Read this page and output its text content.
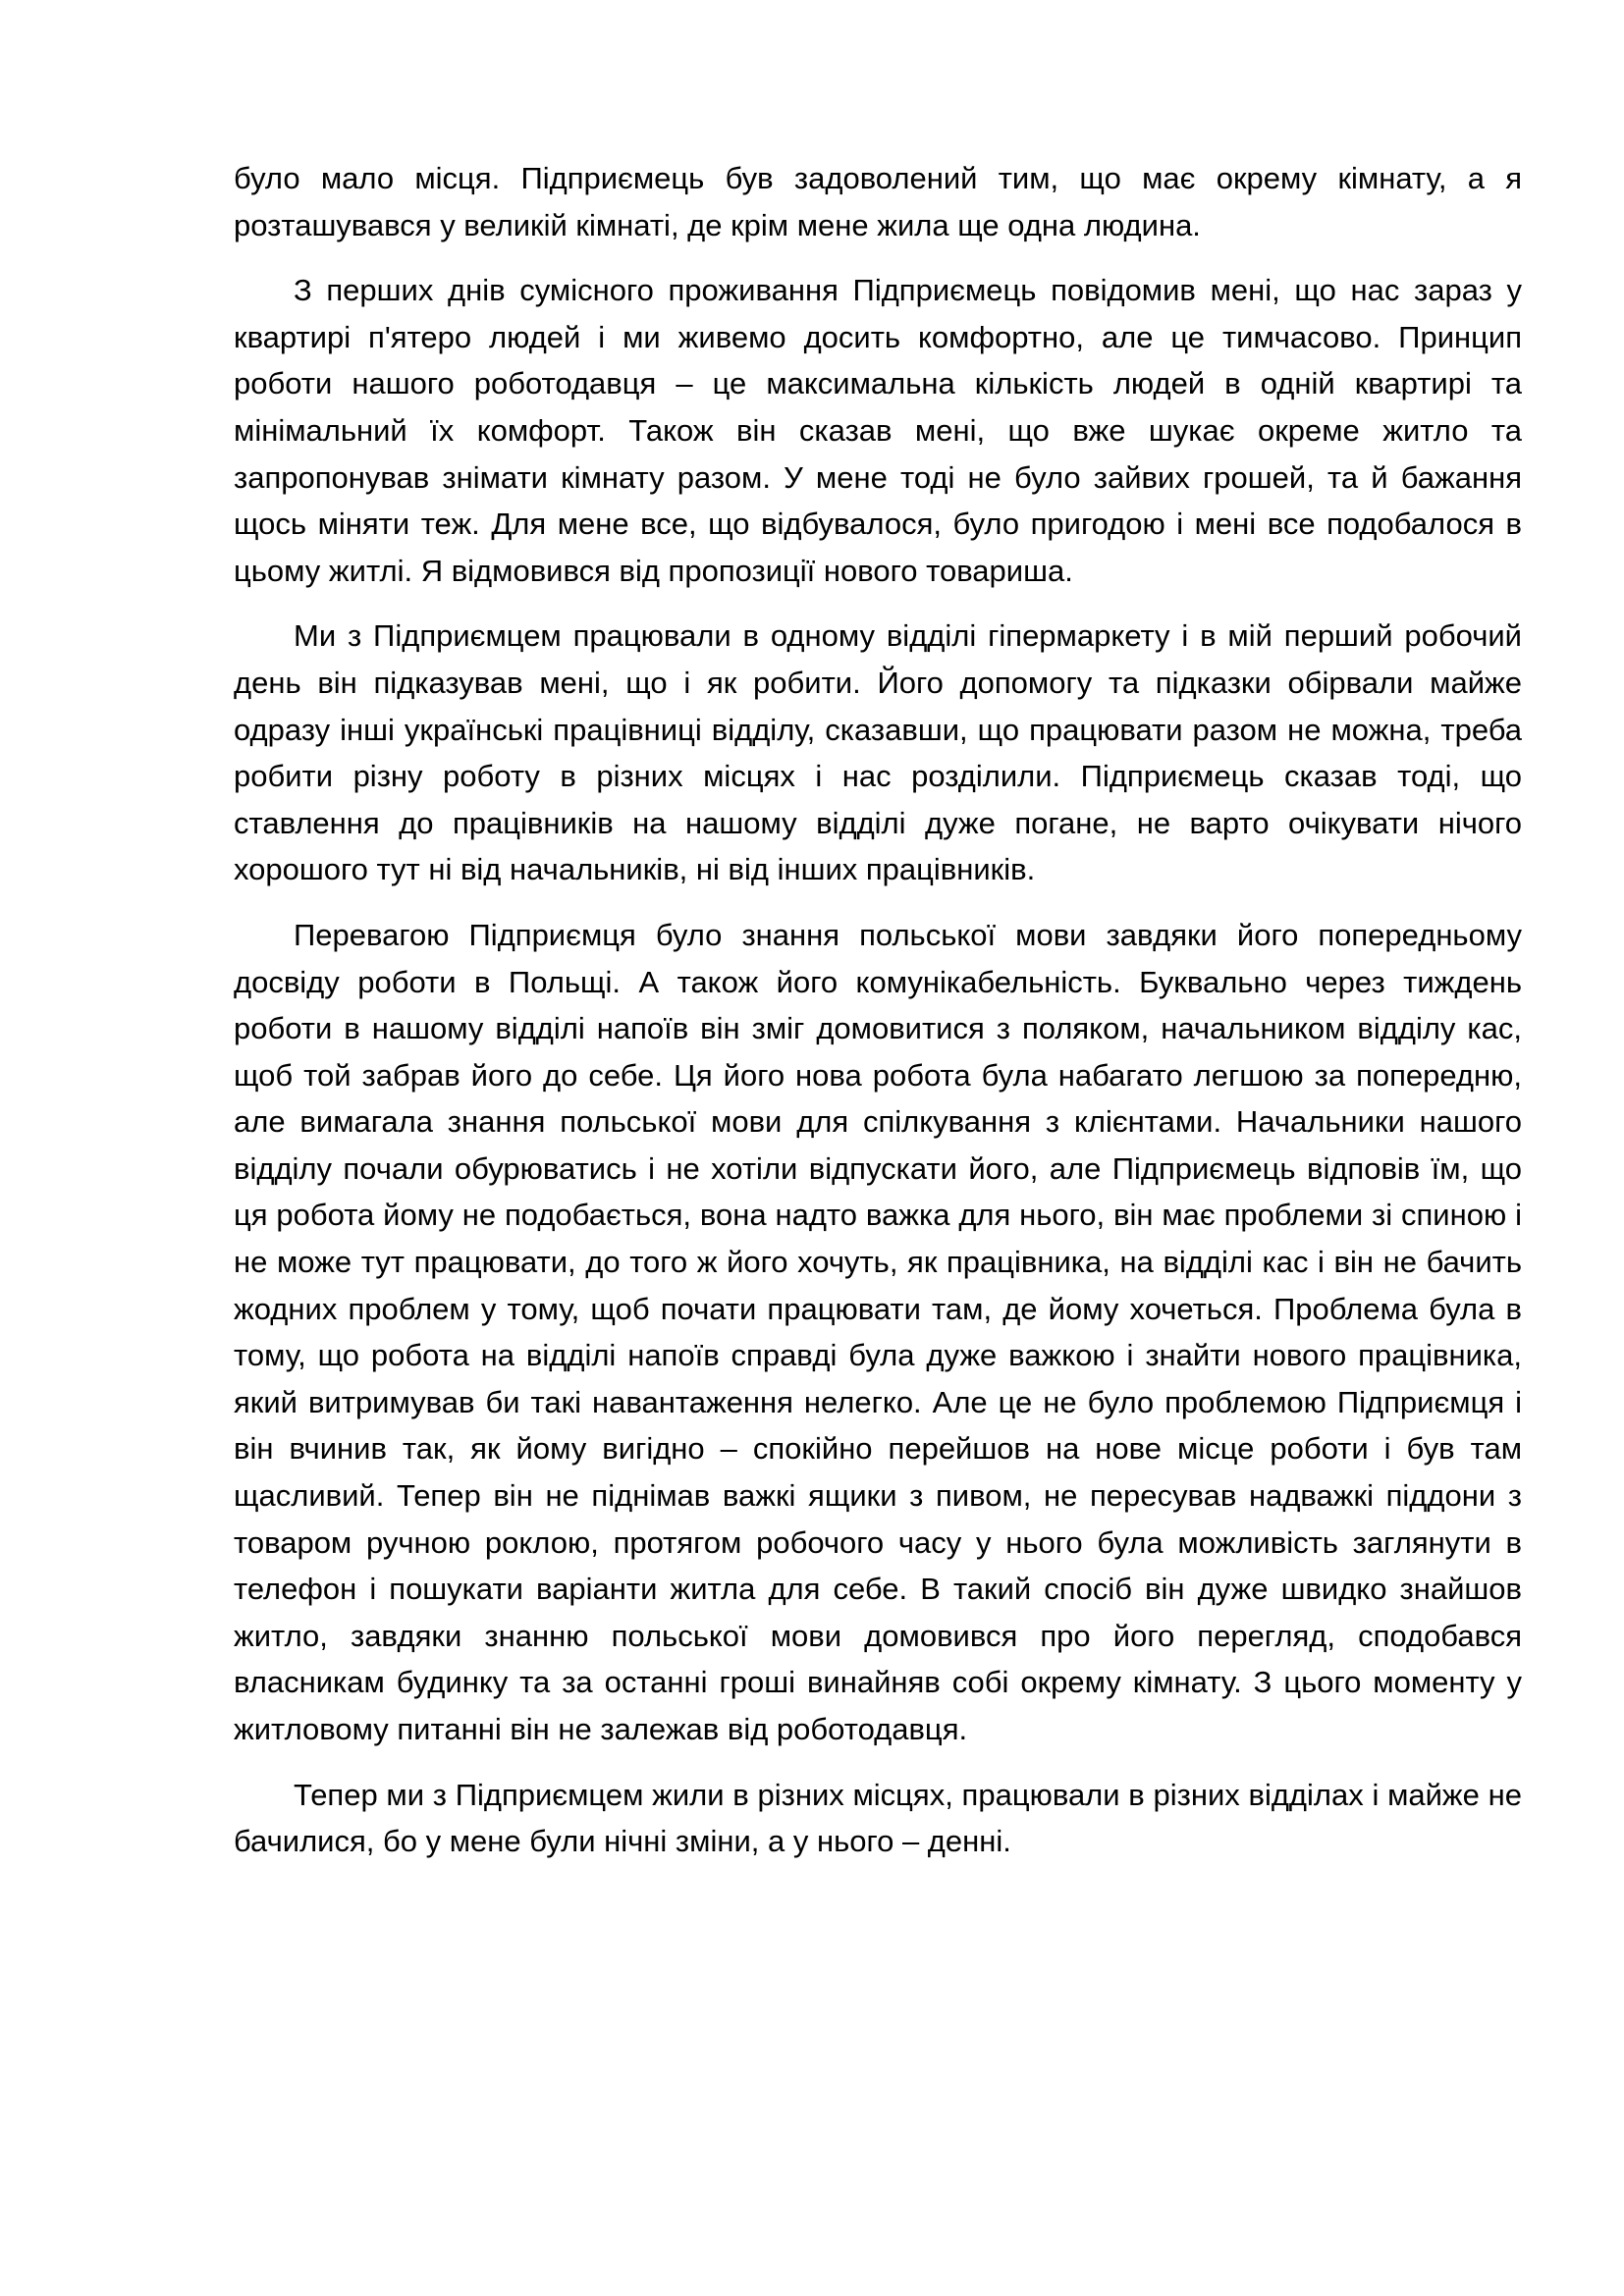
було мало місця. Підприємець був задоволений тим, що має окрему кімнату, а я розташувався у великій кімнаті, де крім мене жила ще одна людина.

З перших днів сумісного проживання Підприємець повідомив мені, що нас зараз у квартирі п'ятеро людей і ми живемо досить комфортно, але це тимчасово. Принцип роботи нашого роботодавця – це максимальна кількість людей в одній квартирі та мінімальний їх комфорт. Також він сказав мені, що вже шукає окреме житло та запропонував знімати кімнату разом. У мене тоді не було зайвих грошей, та й бажання щось міняти теж. Для мене все, що відбувалося, було пригодою і мені все подобалося в цьому житлі. Я відмовився від пропозиції нового товариша.

Ми з Підприємцем працювали в одному відділі гіпермаркету і в мій перший робочий день він підказував мені, що і як робити. Його допомогу та підказки обірвали майже одразу інші українські працівниці відділу, сказавши, що працювати разом не можна, треба робити різну роботу в різних місцях і нас розділили. Підприємець сказав тоді, що ставлення до працівників на нашому відділі дуже погане, не варто очікувати нічого хорошого тут ні від начальників, ні від інших працівників.

Перевагою Підприємця було знання польської мови завдяки його попередньому досвіду роботи в Польщі. А також його комунікабельність. Буквально через тиждень роботи в нашому відділі напоїв він зміг домовитися з поляком, начальником відділу кас, щоб той забрав його до себе. Ця його нова робота була набагато легшою за попередню, але вимагала знання польської мови для спілкування з клієнтами. Начальники нашого відділу почали обурюватись і не хотіли відпускати його, але Підприємець відповів їм, що ця робота йому не подобається, вона надто важка для нього, він має проблеми зі спиною і не може тут працювати, до того ж його хочуть, як працівника, на відділі кас і він не бачить жодних проблем у тому, щоб почати працювати там, де йому хочеться. Проблема була в тому, що робота на відділі напоїв справді була дуже важкою і знайти нового працівника, який витримував би такі навантаження нелегко. Але це не було проблемою Підприємця і він вчинив так, як йому вигідно – спокійно перейшов на нове місце роботи і був там щасливий. Тепер він не піднімав важкі ящики з пивом, не пересував надважкі піддони з товаром ручною роклою, протягом робочого часу у нього була можливість заглянути в телефон і пошукати варіанти житла для себе. В такий спосіб він дуже швидко знайшов житло, завдяки знанню польської мови домовився про його перегляд, сподобався власникам будинку та за останні гроші винайняв собі окрему кімнату. З цього моменту у житловому питанні він не залежав від роботодавця.

Тепер ми з Підприємцем жили в різних місцях, працювали в різних відділах і майже не бачилися, бо у мене були нічні зміни, а у нього – денні.
